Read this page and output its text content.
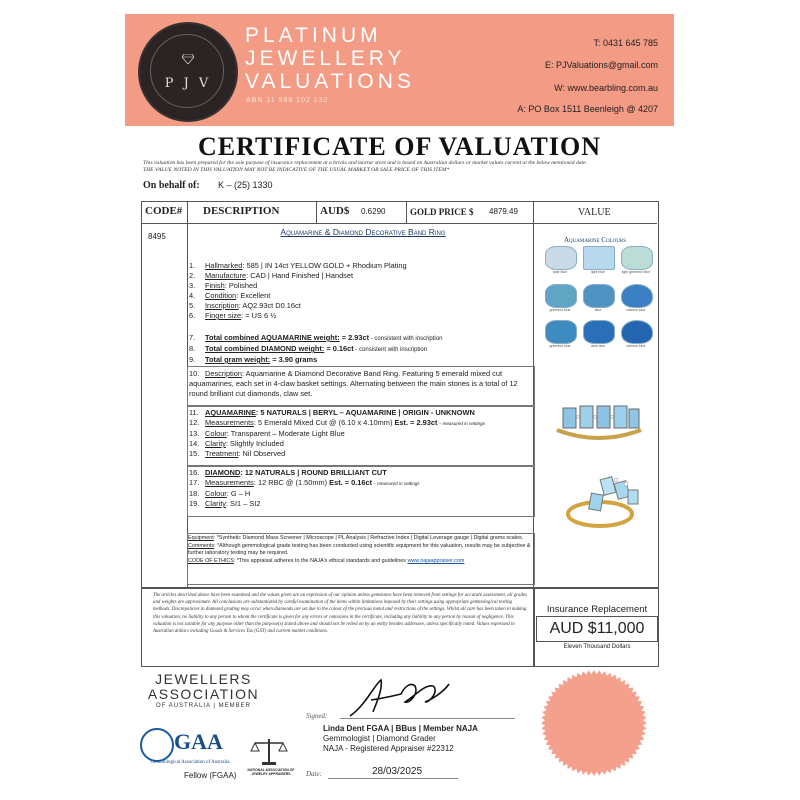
P J V
PLATINUM
JEWELLERY
VALUATIONS
ABN 11 588 102 132
T: 0431 645 785
E: PJValuations@gmail.com
W: www.bearbling.com.au
A: PO Box 1511 Beenleigh @ 4207
CERTIFICATE OF VALUATION
This valuation has been prepared for the sole purpose of insurance replacement at a bricks and mortar store and is based on Australian dollars or market values current at the below mentioned date.
THE VALUE NOTED IN THIS VALUATION MAY NOT BE INDICATIVE OF THE USUAL MARKET OR SALE PRICE OF THIS ITEM*
On behalf of: K – (25) 1330
CODE# DESCRIPTION	AUD$ 0.6290	GOLD PRICE $ 4879.49	VALUE
8495	Aquamarine & Diamond Decorative Band Ring
1. Hallmarked: 585 | IN 14ct YELLOW GOLD + Rhodium Plating
2. Manufacture: CAD | Hand Finished | Handset
3. Finish: Polished
4. Condition: Excellent
5. Inscription: AQ2.93ct D0.16ct
6. Finger size: = US 6 ½
7. Total combined AQUAMARINE weight: = 2.93ct - consistent with inscription
8. Total combined DIAMOND weight: = 0.16ct - consistent with inscription
9. Total gram weight: = 3.90 grams
10. Description: Aquamarine & Diamond Decorative Band Ring. Featuring 5 emerald mixed cut aquamarines, each set in 4-claw basket settings. Alternating between the main stones is a total of 12 round brilliant cut diamonds, claw set.
11. AQUAMARINE: 5 NATURALS | BERYL – AQUAMARINE | ORIGIN - UNKNOWN
12. Measurements: 5 Emerald Mixed Cut @ (6.10 x 4.10mm) Est. = 2.93ct – measured in settings
13. Colour: Transparent – Moderate Light Blue
14. Clarity: Slightly Included
15. Treatment: Nil Observed
16. DIAMOND: 12 NATURALS | ROUND BRILLIANT CUT
17. Measurements: 12 RBC @ (1.50mm) Est. = 0.16ct – measured in settings
18. Colour: G – H
19. Clarity: SI1 – SI2
Equipment: *Synthetic Diamond Mass Screener | Microscope | PL Analysis | Refractive Index | Digital Leverage gauge | Digital grams scales.
Comments: *Although gemmological grade testing has been conducted using scientific equipment for this valuation, results may be subjective & further laboratory testing may be required.
CODE OF ETHICS: *This appraisal adheres to the NAJA's ethical standards and guidelines www.najaappraiser.com
Aquamarine Colours
pale blue	light blue	light greenish blue
greenish blue	blue	intense blue
greenish blue	dark blue	intense blue
The articles described above have been examined and the values given are an expression of our opinion unless gemstones have been removed from settings for accurate assessment, all grades and weights are approximate. All conclusions are substantiated by careful examination of the items within limitations imposed by their settings using appropriate gemmological testing methods. Discrepancies in diamond grading may occur when diamonds are set due to the colour of the precious metal and restrictions of the settings. Whilst all care has been taken in making this valuation, no liability to any person to whom the certificate is given for any errors or omissions in the certificate, including any liability to any person by reason of negligence. This valuation is not suitable for any purpose other than the purpose(s) stated above and should not be relied on by an entity besides addressee, unless specifically noted. Values expressed in Australian dollars including Goods & Services Tax (GST) and current market conditions.
Insurance Replacement
AUD $11,000
Eleven Thousand Dollars
JEWELLERS
ASSOCIATION
OF AUSTRALIA | MEMBER
GAA
Gemmological Association of Australia
Fellow (FGAA)
NATIONAL ASSOCIATION OF JEWELRY APPRAISERS
Signed:
Linda Dent FGAA | BBus | Member NAJA
Gemmologist | Diamond Grader
NAJA - Registered Appraiser #22312
Date:	28/03/2025
